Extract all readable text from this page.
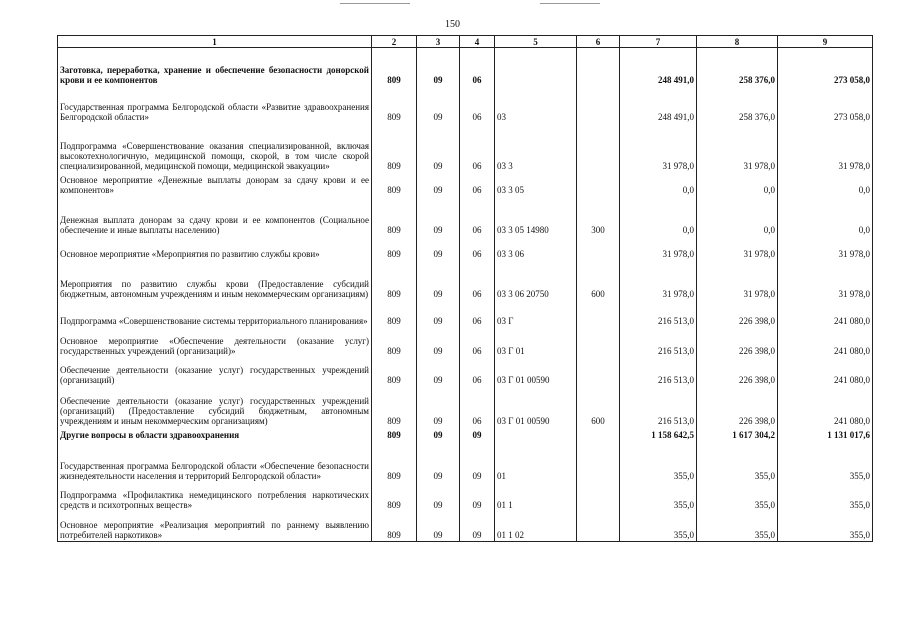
150
1	2	3	4	5	6	7	8	9
Заготовка, переработка, хранение и обеспечение безопасности донорской крови и ее компонентов	809	09	06			248 491,0	258 376,0	273 058,0
Государственная программа Белгородской области «Развитие здравоохранения Белгородской области»	809	09	06	03		248 491,0	258 376,0	273 058,0
Подпрограмма «Совершенствование оказания специализированной, включая высокотехнологичную, медицинской помощи, скорой, в том числе скорой специализированной, медицинской помощи, медицинской эвакуации»	809	09	06	03 3		31 978,0	31 978,0	31 978,0
Основное мероприятие «Денежные выплаты донорам за сдачу крови и ее компонентов»	809	09	06	03 3 05		0,0	0,0	0,0
Денежная выплата донорам за сдачу крови и ее компонентов (Социальное обеспечение и иные выплаты населению)	809	09	06	03 3 05 14980	300	0,0	0,0	0,0
Основное мероприятие «Мероприятия по развитию службы крови»	809	09	06	03 3 06		31 978,0	31 978,0	31 978,0
Мероприятия по развитию службы крови (Предоставление субсидий бюджетным, автономным учреждениям и иным некоммерческим организациям)	809	09	06	03 3 06 20750	600	31 978,0	31 978,0	31 978,0
Подпрограмма «Совершенствование системы территориального планирования»	809	09	06	03 Г		216 513,0	226 398,0	241 080,0
Основное мероприятие «Обеспечение деятельности (оказание услуг) государственных учреждений (организаций)»	809	09	06	03 Г 01		216 513,0	226 398,0	241 080,0
Обеспечение деятельности (оказание услуг) государственных учреждений (организаций)	809	09	06	03 Г 01 00590		216 513,0	226 398,0	241 080,0
Обеспечение деятельности (оказание услуг) государственных учреждений (организаций) (Предоставление субсидий бюджетным, автономным учреждениям и иным некоммерческим организациям)	809	09	06	03 Г 01 00590	600	216 513,0	226 398,0	241 080,0
Другие вопросы в области здравоохранения	809	09	09			1 158 642,5	1 617 304,2	1 131 017,6
Государственная программа Белгородской области «Обеспечение безопасности жизнедеятельности населения и территорий Белгородской области»	809	09	09	01		355,0	355,0	355,0
Подпрограмма «Профилактика немедицинского потребления наркотических средств и психотропных веществ»	809	09	09	01 1		355,0	355,0	355,0
Основное мероприятие «Реализация мероприятий по раннему выявлению потребителей наркотиков»	809	09	09	01 1 02		355,0	355,0	355,0
